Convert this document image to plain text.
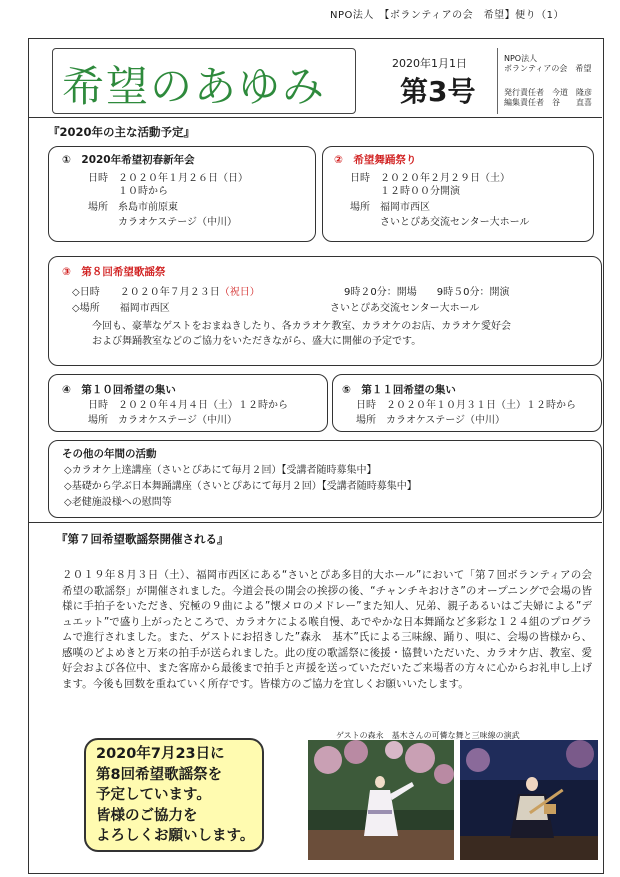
NPO法人　【ボランティアの会　希望】便り（1）
希望のあゆみ	2020年1月1日
第3号
NPO法人
ボランティアの会　希望
発行責任者　今道　隆彦
編集責任者　谷　　直喜
『2020年の主な活動予定』
①　2020年希望初春新年会
日時　２０２０年１月２６日（日）
　　　１０時から
場所　糸島市前原東
　　　カラオケステージ（中川）
②　希望舞踊祭り
日時　２０２０年２月２９日（土）
　　　１２時００分開演
場所　福岡市西区
　　　さいとぴあ交流センター大ホール
③　第８回希望歌謡祭
◇日時　　２０２０年７月２３日（祝日）	9時２0分：開場　　9時５0分：開演
◇場所　　福岡市西区	さいとぴあ交流センター大ホール
今回も、豪華なゲストをおまねきしたり、各カラオケ教室、カラオケのお店、カラオケ愛好会
および舞踊教室などのご協力をいただきながら、盛大に開催の予定です。
④　第１０回希望の集い
日時　２０２０年４月４日（土）１２時から
場所　カラオケステージ（中川）
⑤　第１１回希望の集い
日時　２０２０年１０月３１日（土）１２時から
場所　カラオケステージ（中川）
その他の年間の活動
◇カラオケ上達講座（さいとぴあにて毎月２回）【受講者随時募集中】
◇基礎から学ぶ日本舞踊講座（さいとぴあにて毎月２回）【受講者随時募集中】
◇老健施設様への慰問等
『第７回希望歌謡祭開催される』
２０１９年８月３日（土）、福岡市西区にある“さいとぴあ多目的大ホール”において「第７回ボランティアの会　希望の歌謡祭」が開催されました。今道会長の開会の挨拶の後、“チャンチキおけさ”のオープニングで会場の皆様に手拍子をいただき、究極の９曲による”懐メロのメドレー”また知人、兄弟、親子あるいはご夫婦による”デュエット”で盛り上がったところで、カラオケによる喉自慢、あでやかな日本舞踊など多彩な１２４組のプログラムで進行されました。また、ゲストにお招きした”森永　基木”氏による三味線、踊り、唄に、会場の皆様から、感嘆のどよめきと万来の拍手が送られました。此の度の歌謡祭に後援・協賛いただいた、カラオケ店、教室、愛好会および各位中、また客席から最後まで拍手と声援を送っていただいたご来場者の方々に心からお礼申し上げます。今後も回数を重ねていく所存です。皆様方のご協力を宜しくお願いいたします。
2020年7月23日に
第8回希望歌謡祭を
予定しています。
皆様のご協力を
よろしくお願いします。
ゲストの森永　基木さんの可憐な舞と三味線の演武
